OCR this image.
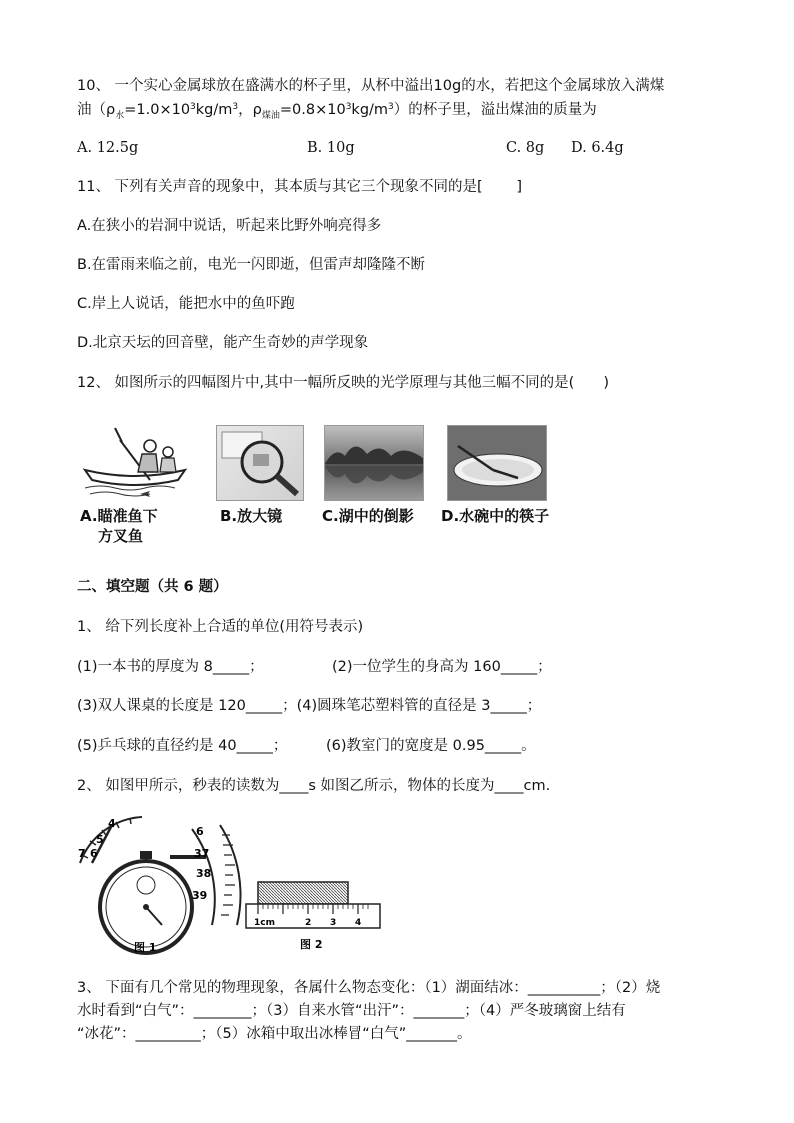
10、 一个实心金属球放在盛满水的杯子里，从杯中溢出10g的水，若把这个金属球放入满煤
油（$\rho_水=1.0\times 10^3kg/m^3$，$\rho_{煤油}=0.8\times 10^3kg/m^3$）的杯子里，溢出煤油的质量为
A. 12.5g	B. 10g	C. 8g D. 6.4g
11、 下列有关声音的现象中，其本质与其它三个现象不同的是[　　 ]
A.在狭小的岩洞中说话，听起来比野外响亮得多
B.在雷雨来临之前，电光一闪即逝，但雷声却隆隆不断
C.岸上人说话，能把水中的鱼吓跑
D.北京天坛的回音壁，能产生奇妙的声学现象
12、 如图所示的四幅图片中,其中一幅所反映的光学原理与其他三幅不同的是(　　)
A.瞄准鱼下
方叉鱼
B.放大镜	C.湖中的倒影 D.水碗中的筷子
二、填空题（共 6 题）
1、 给下列长度补上合适的单位(用符号表示)
(1)一本书的厚度为 8_____；	(2)一位学生的身高为 160_____；
(3)双人课桌的长度是 120_____；(4)圆珠笔芯塑料管的直径是 3_____；
(5)乒乓球的直径约是 40_____；	(6)教室门的宽度是 0.95_____。
2、 如图甲所示，秒表的读数为____s 如图乙所示，物体的长度为____cm.
4
5
6
7
6
37
38
39
图 1
1cm	2 3 4
图 2
3、 下面有几个常见的物理现象，各属什么物态变化：（1）湖面结冰：__________；（2）烧
水时看到“白气”：________；（3）自来水管“出汗”：_______；（4）严冬玻璃窗上结有
“冰花”：_________；（5）冰箱中取出冰棒冒“白气”_______。
